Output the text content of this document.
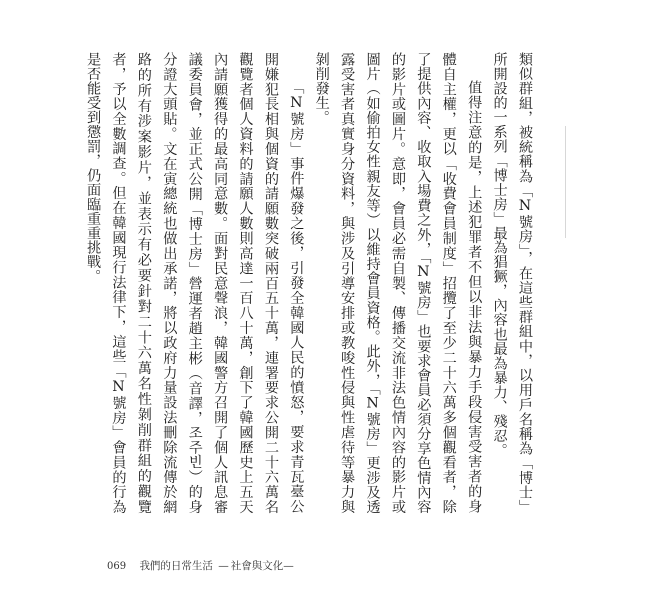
類似群組，被統稱為「N號房」，在這些群組中，以用戶名稱為「博士」所開設的一系列「博士房」最為猖獗，內容也最為暴力、殘忍。

值得注意的是，上述犯罪者不但以非法與暴力手段侵害受害者的身體自主權，更以「收費會員制度」招攬了至少二十六萬多個觀看者，除了提供內容、收取入場費之外，「N號房」也要求會員必須分享色情內容的影片或圖片。意即，會員必需自製、傳播交流非法色情內容的影片或圖片（如偷拍女性親友等）以維持會員資格。此外，「N號房」更涉及透露受害者真實身分資料，與涉及引導安排或教唆性侵與性虐待等暴力與剝削發生。

「N號房」事件爆發之後，引發全韓國人民的憤怒，要求青瓦臺公開嫌犯長相與個資的請願數突破兩百五十萬，連署要求公開二十六萬名觀覽者個人資料的請願人數則高達一百八十萬，創下了韓國歷史上五天內請願獲得的最高同意數。面對民意聲浪，韓國警方召開了個人訊息審議委員會，並正式公開「博士房」營運者趙主彬（音譯，조주빈）的身分證大頭貼。文在寅總統也做出承諾，將以政府力量設法刪除流傳於網路的所有涉案影片，並表示有必要針對二十六萬名性剝削群組的觀覽者，予以全數調查。但在韓國現行法律下，這些「N號房」會員的行為是否能受到懲罰，仍面臨重重挑戰。

069 我們的日常生活 — 社會與文化—
